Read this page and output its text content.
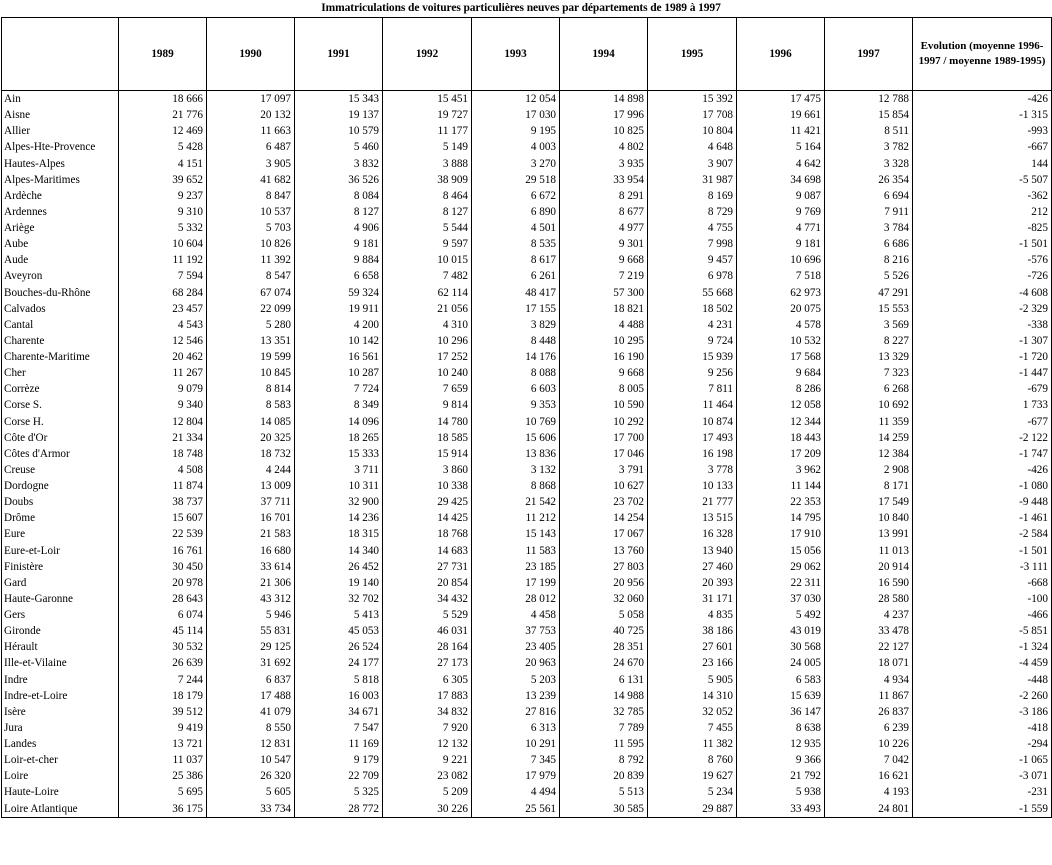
Immatriculations de voitures particulières neuves par départements de 1989 à 1997
	1989	1990	1991	1992	1993	1994	1995	1996	1997	Evolution (moyenne 1996-1997 / moyenne 1989-1995)
Ain	18 666	17 097	15 343	15 451	12 054	14 898	15 392	17 475	12 788	-426
Aisne	21 776	20 132	19 137	19 727	17 030	17 996	17 708	19 661	15 854	-1 315
Allier	12 469	11 663	10 579	11 177	9 195	10 825	10 804	11 421	8 511	-993
Alpes-Hte-Provence	5 428	6 487	5 460	5 149	4 003	4 802	4 648	5 164	3 782	-667
Hautes-Alpes	4 151	3 905	3 832	3 888	3 270	3 935	3 907	4 642	3 328	144
Alpes-Maritimes	39 652	41 682	36 526	38 909	29 518	33 954	31 987	34 698	26 354	-5 507
Ardèche	9 237	8 847	8 084	8 464	6 672	8 291	8 169	9 087	6 694	-362
Ardennes	9 310	10 537	8 127	8 127	6 890	8 677	8 729	9 769	7 911	212
Ariège	5 332	5 703	4 906	5 544	4 501	4 977	4 755	4 771	3 784	-825
Aube	10 604	10 826	9 181	9 597	8 535	9 301	7 998	9 181	6 686	-1 501
Aude	11 192	11 392	9 884	10 015	8 617	9 668	9 457	10 696	8 216	-576
Aveyron	7 594	8 547	6 658	7 482	6 261	7 219	6 978	7 518	5 526	-726
Bouches-du-Rhône	68 284	67 074	59 324	62 114	48 417	57 300	55 668	62 973	47 291	-4 608
Calvados	23 457	22 099	19 911	21 056	17 155	18 821	18 502	20 075	15 553	-2 329
Cantal	4 543	5 280	4 200	4 310	3 829	4 488	4 231	4 578	3 569	-338
Charente	12 546	13 351	10 142	10 296	8 448	10 295	9 724	10 532	8 227	-1 307
Charente-Maritime	20 462	19 599	16 561	17 252	14 176	16 190	15 939	17 568	13 329	-1 720
Cher	11 267	10 845	10 287	10 240	8 088	9 668	9 256	9 684	7 323	-1 447
Corrèze	9 079	8 814	7 724	7 659	6 603	8 005	7 811	8 286	6 268	-679
Corse S.	9 340	8 583	8 349	9 814	9 353	10 590	11 464	12 058	10 692	1 733
Corse H.	12 804	14 085	14 096	14 780	10 769	10 292	10 874	12 344	11 359	-677
Côte d'Or	21 334	20 325	18 265	18 585	15 606	17 700	17 493	18 443	14 259	-2 122
Côtes d'Armor	18 748	18 732	15 333	15 914	13 836	17 046	16 198	17 209	12 384	-1 747
Creuse	4 508	4 244	3 711	3 860	3 132	3 791	3 778	3 962	2 908	-426
Dordogne	11 874	13 009	10 311	10 338	8 868	10 627	10 133	11 144	8 171	-1 080
Doubs	38 737	37 711	32 900	29 425	21 542	23 702	21 777	22 353	17 549	-9 448
Drôme	15 607	16 701	14 236	14 425	11 212	14 254	13 515	14 795	10 840	-1 461
Eure	22 539	21 583	18 315	18 768	15 143	17 067	16 328	17 910	13 991	-2 584
Eure-et-Loir	16 761	16 680	14 340	14 683	11 583	13 760	13 940	15 056	11 013	-1 501
Finistère	30 450	33 614	26 452	27 731	23 185	27 803	27 460	29 062	20 914	-3 111
Gard	20 978	21 306	19 140	20 854	17 199	20 956	20 393	22 311	16 590	-668
Haute-Garonne	28 643	43 312	32 702	34 432	28 012	32 060	31 171	37 030	28 580	-100
Gers	6 074	5 946	5 413	5 529	4 458	5 058	4 835	5 492	4 237	-466
Gironde	45 114	55 831	45 053	46 031	37 753	40 725	38 186	43 019	33 478	-5 851
Hérault	30 532	29 125	26 524	28 164	23 405	28 351	27 601	30 568	22 127	-1 324
Ille-et-Vilaine	26 639	31 692	24 177	27 173	20 963	24 670	23 166	24 005	18 071	-4 459
Indre	7 244	6 837	5 818	6 305	5 203	6 131	5 905	6 583	4 934	-448
Indre-et-Loire	18 179	17 488	16 003	17 883	13 239	14 988	14 310	15 639	11 867	-2 260
Isère	39 512	41 079	34 671	34 832	27 816	32 785	32 052	36 147	26 837	-3 186
Jura	9 419	8 550	7 547	7 920	6 313	7 789	7 455	8 638	6 239	-418
Landes	13 721	12 831	11 169	12 132	10 291	11 595	11 382	12 935	10 226	-294
Loir-et-cher	11 037	10 547	9 179	9 221	7 345	8 792	8 760	9 366	7 042	-1 065
Loire	25 386	26 320	22 709	23 082	17 979	20 839	19 627	21 792	16 621	-3 071
Haute-Loire	5 695	5 605	5 325	5 209	4 494	5 513	5 234	5 938	4 193	-231
Loire Atlantique	36 175	33 734	28 772	30 226	25 561	30 585	29 887	33 493	24 801	-1 559
